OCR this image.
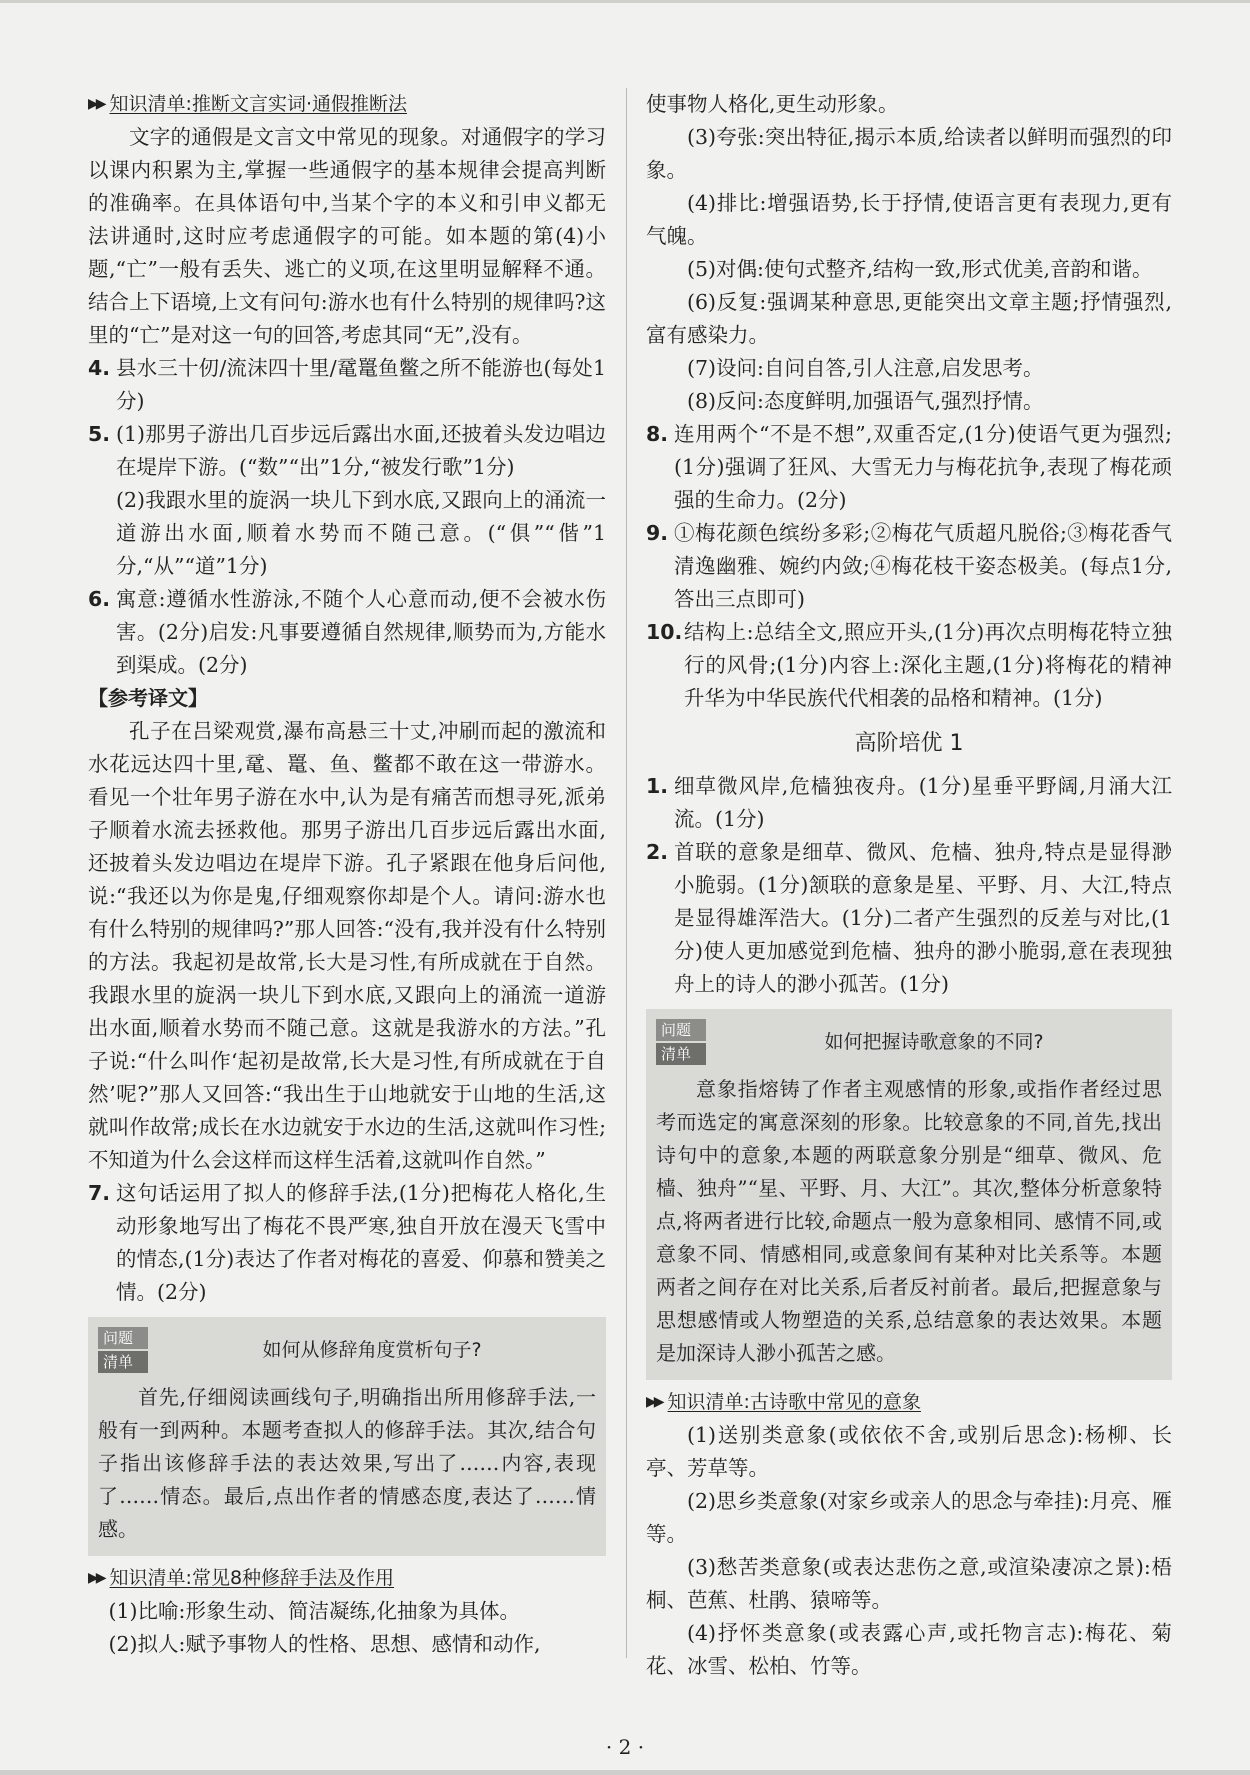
▶▶ 知识清单:推断文言实词·通假推断法

文字的通假是文言文中常见的现象。对通假字的学习以课内积累为主,掌握一些通假字的基本规律会提高判断的准确率。在具体语句中,当某个字的本义和引申义都无法讲通时,这时应考虑通假字的可能。如本题的第(4)小题,“亡”一般有丢失、逃亡的义项,在这里明显解释不通。结合上下语境,上文有问句:游水也有什么特别的规律吗?这里的“亡”是对这一句的回答,考虑其同“无”,没有。

4. 县水三十仞/流沫四十里/鼋鼍鱼鳖之所不能游也(每处1分)
5. (1)那男子游出几百步远后露出水面,还披着头发边唱边在堤岸下游。(“数”“出”1分,“被发行歌”1分)

(2)我跟水里的旋涡一块儿下到水底,又跟向上的涌流一道游出水面,顺着水势而不随己意。(“俱”“偕”1分,“从”“道”1分)

6. 寓意:遵循水性游泳,不随个人心意而动,便不会被水伤害。(2分)启发:凡事要遵循自然规律,顺势而为,方能水到渠成。(2分)
【参考译文】

孔子在吕梁观赏,瀑布高悬三十丈,冲刷而起的激流和水花远达四十里,鼋、鼍、鱼、鳖都不敢在这一带游水。看见一个壮年男子游在水中,认为是有痛苦而想寻死,派弟子顺着水流去拯救他。那男子游出几百步远后露出水面,还披着头发边唱边在堤岸下游。孔子紧跟在他身后问他,说:“我还以为你是鬼,仔细观察你却是个人。请问:游水也有什么特别的规律吗?”那人回答:“没有,我并没有什么特别的方法。我起初是故常,长大是习性,有所成就在于自然。我跟水里的旋涡一块儿下到水底,又跟向上的涌流一道游出水面,顺着水势而不随己意。这就是我游水的方法。”孔子说:“什么叫作‘起初是故常,长大是习性,有所成就在于自然’呢?”那人又回答:“我出生于山地就安于山地的生活,这就叫作故常;成长在水边就安于水边的生活,这就叫作习性;不知道为什么会这样而这样生活着,这就叫作自然。”

7. 这句话运用了拟人的修辞手法,(1分)把梅花人格化,生动形象地写出了梅花不畏严寒,独自开放在漫天飞雪中的情态,(1分)表达了作者对梅花的喜爱、仰慕和赞美之情。(2分)
问题
清单
如何从修辞角度赏析句子?

首先,仔细阅读画线句子,明确指出所用修辞手法,一般有一到两种。本题考查拟人的修辞手法。其次,结合句子指出该修辞手法的表达效果,写出了……内容,表现了……情态。最后,点出作者的情感态度,表达了……情感。

▶▶ 知识清单:常见8种修辞手法及作用

(1)比喻:形象生动、简洁凝练,化抽象为具体。

(2)拟人:赋予事物人的性格、思想、感情和动作,

使事物人格化,更生动形象。

(3)夸张:突出特征,揭示本质,给读者以鲜明而强烈的印象。

(4)排比:增强语势,长于抒情,使语言更有表现力,更有气魄。

(5)对偶:使句式整齐,结构一致,形式优美,音韵和谐。

(6)反复:强调某种意思,更能突出文章主题;抒情强烈,富有感染力。

(7)设问:自问自答,引人注意,启发思考。

(8)反问:态度鲜明,加强语气,强烈抒情。

8. 连用两个“不是不想”,双重否定,(1分)使语气更为强烈;(1分)强调了狂风、大雪无力与梅花抗争,表现了梅花顽强的生命力。(2分)
9. ①梅花颜色缤纷多彩;②梅花气质超凡脱俗;③梅花香气清逸幽雅、婉约内敛;④梅花枝干姿态极美。(每点1分,答出三点即可)
10. 结构上:总结全文,照应开头,(1分)再次点明梅花特立独行的风骨;(1分)内容上:深化主题,(1分)将梅花的精神升华为中华民族代代相袭的品格和精神。(1分)
高阶培优 1
1. 细草微风岸,危樯独夜舟。(1分)星垂平野阔,月涌大江流。(1分)
2. 首联的意象是细草、微风、危樯、独舟,特点是显得渺小脆弱。(1分)颔联的意象是星、平野、月、大江,特点是显得雄浑浩大。(1分)二者产生强烈的反差与对比,(1分)使人更加感觉到危樯、独舟的渺小脆弱,意在表现独舟上的诗人的渺小孤苦。(1分)
问题
清单
如何把握诗歌意象的不同?

意象指熔铸了作者主观感情的形象,或指作者经过思考而选定的寓意深刻的形象。比较意象的不同,首先,找出诗句中的意象,本题的两联意象分别是“细草、微风、危樯、独舟”“星、平野、月、大江”。其次,整体分析意象特点,将两者进行比较,命题点一般为意象相同、感情不同,或意象不同、情感相同,或意象间有某种对比关系等。本题两者之间存在对比关系,后者反衬前者。最后,把握意象与思想感情或人物塑造的关系,总结意象的表达效果。本题是加深诗人渺小孤苦之感。

▶▶ 知识清单:古诗歌中常见的意象

(1)送别类意象(或依依不舍,或别后思念):杨柳、长亭、芳草等。

(2)思乡类意象(对家乡或亲人的思念与牵挂):月亮、雁等。

(3)愁苦类意象(或表达悲伤之意,或渲染凄凉之景):梧桐、芭蕉、杜鹃、猿啼等。

(4)抒怀类意象(或表露心声,或托物言志):梅花、菊花、冰雪、松柏、竹等。

· 2 ·
